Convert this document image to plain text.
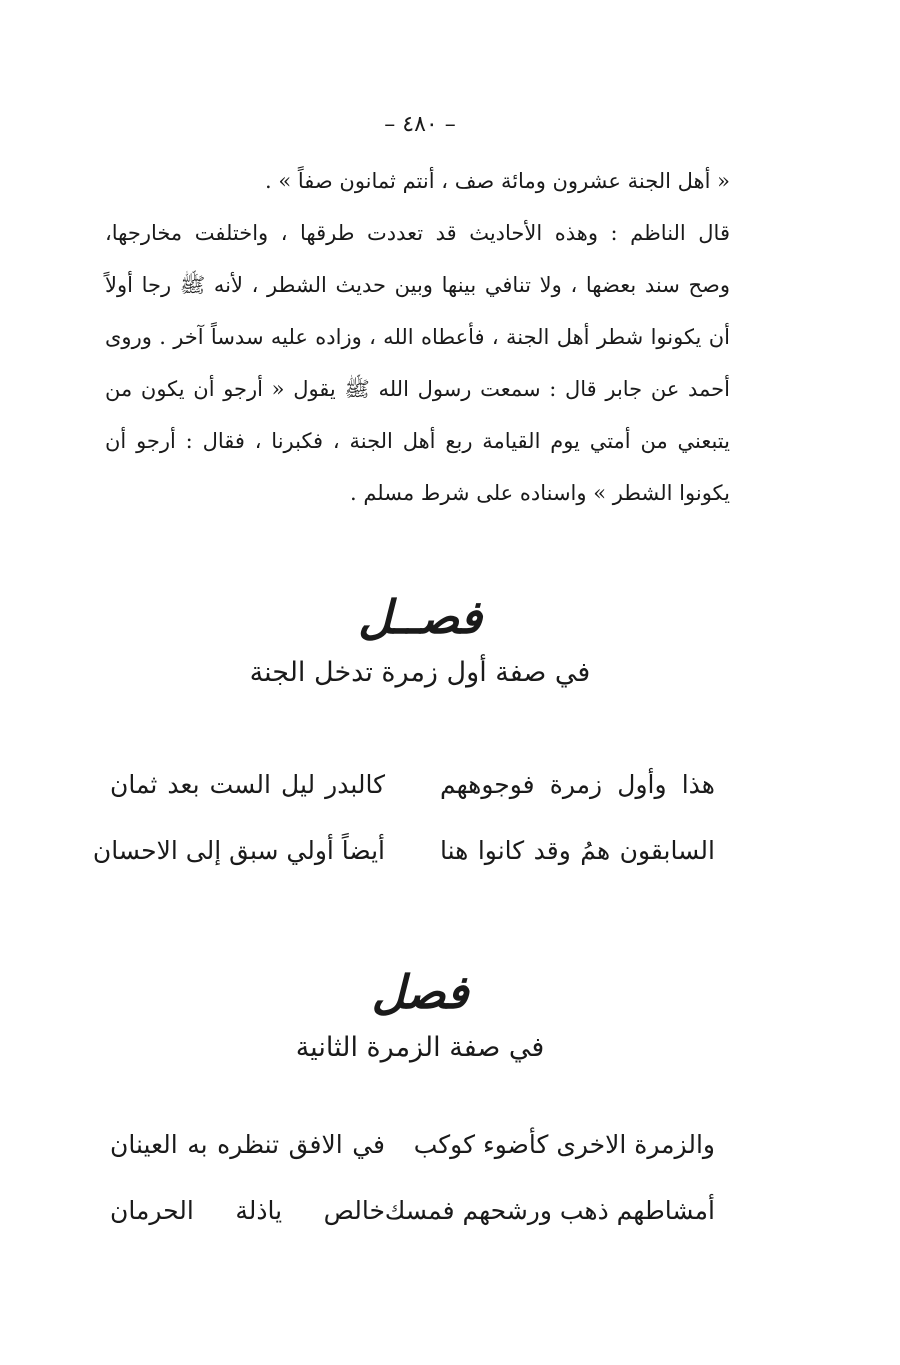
– ٤٨٠ –
« أهل الجنة عشرون ومائة صف ، أنتم ثمانون صفاً » .
قال الناظم : وهذه الأحاديث قد تعددت طرقها ، واختلفت مخارجها،
وصح سند بعضها ، ولا تنافي بينها وبين حديث الشطر ، لأنه ﷺ رجا أولاً
أن يكونوا شطر أهل الجنة ، فأعطاه الله ، وزاده عليه سدساً آخر . وروى
أحمد عن جابر قال : سمعت رسول الله ﷺ يقول « أرجو أن يكون من
يتبعني من أمتي يوم القيامة ربع أهل الجنة ، فكبرنا ، فقال : أرجو أن
يكونوا الشطر » واسناده على شرط مسلم .
فصــل
في صفة أول زمرة تدخل الجنة
هذا وأول زمرة فوجوههم
كالبدر ليل الست بعد ثمان
السابقون همُ وقد كانوا هنا
أيضاً أولي سبق إلى الاحسان
فصل
في صفة الزمرة الثانية
والزمرة الاخرى كأضوء كوكب
في الافق تنظره به العينان
أمشاطهم ذهب ورشحهم فمسك
خالص ياذلة الحرمان
